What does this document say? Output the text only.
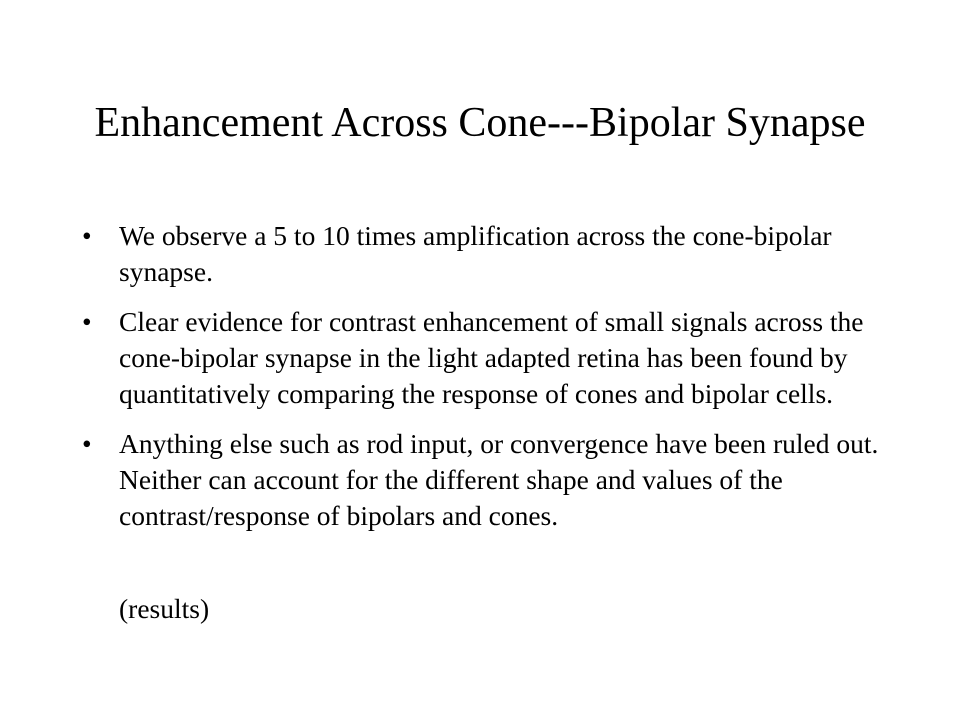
Enhancement Across Cone---Bipolar Synapse
• We observe a 5 to 10 times amplification across the cone-bipolar synapse.
• Clear evidence for contrast enhancement of small signals across the cone-bipolar synapse in the light adapted retina has been found by quantitatively comparing the response of cones and bipolar cells.
• Anything else such as rod input, or convergence have been ruled out. Neither can account for the different shape and values of the contrast/response of bipolars and cones.

(results)
